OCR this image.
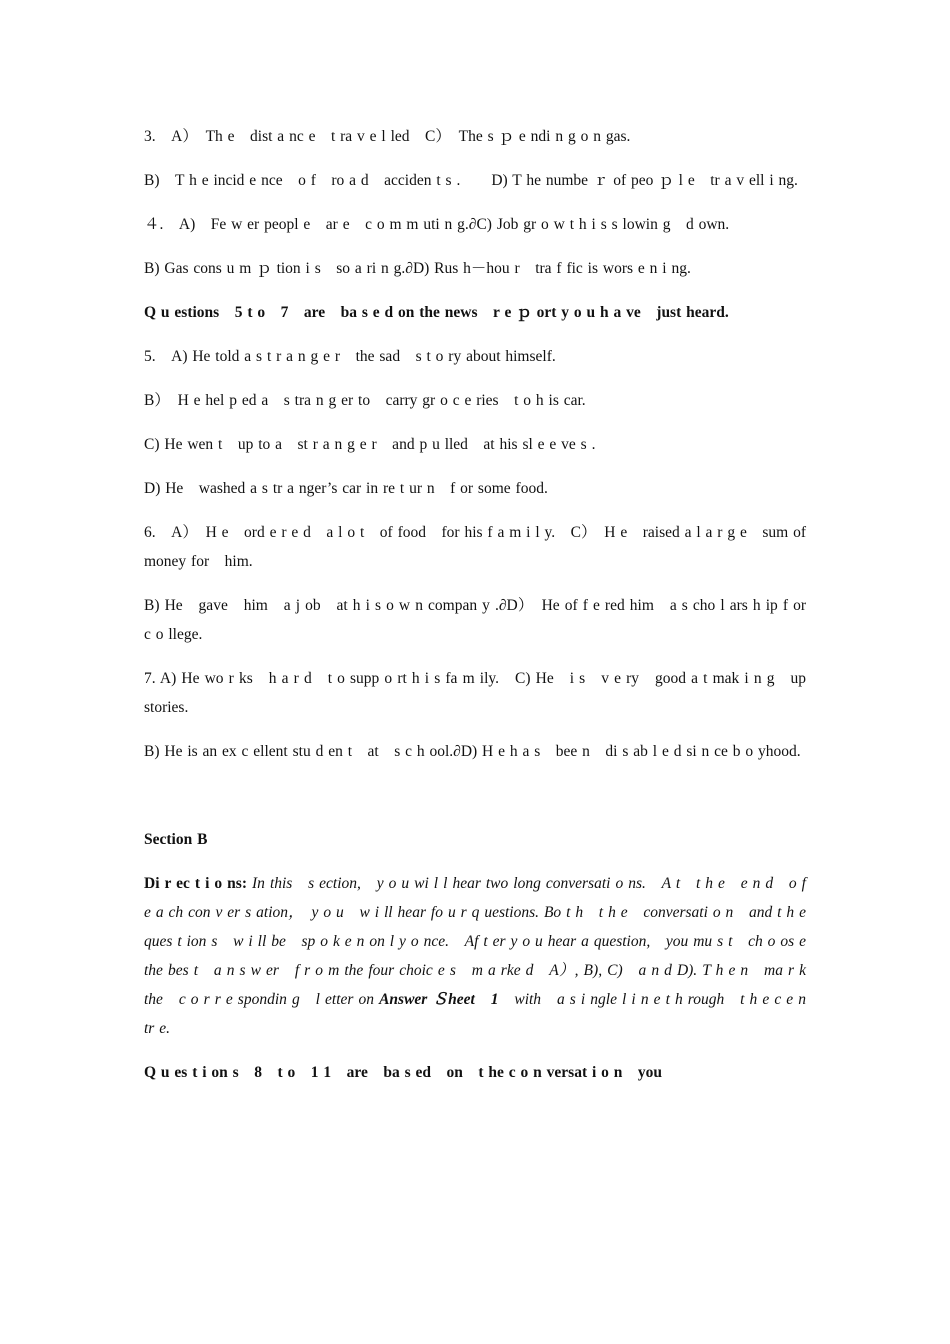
3.　A）　Th e　dist a nc e　t ra v e l led　C）　The s ｐ e ndi n g o n gas.

B)　T h e incid e nce　o f　ro a d　acciden t s .　　D) T he numbe ｒ of peo ｐ l e　tr a v ell i ng.

４.　A)　Fe w er peopl e　ar e　c o m m uti n g.∂C) Job gr o w t h i s s lowin g　d own.

B) Gas cons u m ｐ tion i s　so a ri n g.∂D) Rus h－hou r　tra f fic is wors e n i ng.

Q u estions　5 t o　7　are　ba s e d on the news　r e ｐ ort y o u h a ve　just heard.

5.　A) He told a s t r a n g e r　the sad　s t o ry about himself.

B）　H e hel p ed a　s tra n g er to　carry gr o c e ries　t o h is car.

C) He wen t　up to a　st r a n g e r　and p u lled　at his sl e e ve s .

D) He　washed a s tr a nger’s car in re t ur n　f or some food.

6.　A）　H e　ord e r e d　a l o t　of food　for his f a m i l y.　C）　H e　raised a l a r g e　sum of money for　him.

B) He　gave　him　a j ob　at h i s o w n compan y .∂D）　He of f e red him　a s cho l ars h ip f or c o llege.

7. A) He wo r ks　h a r d　t o supp o rt h i s fa m ily.　C) He　i s　v e ry　good a t mak i n g　up stories.

B) He is an ex c ellent stu d en t　at　s c h ool.∂D) H e h a s　bee n　di s ab l e d si n ce b o yhood.

Section B

Di r ec t i o ns: In this　s ection,　y o u wi l l hear two long conversati o ns.　A t　t h e　e n d　o f　e a ch con v er s ation，　y o u　w i ll hear fo u r q uestions. Bo t h　t h e　conversati o n　and t h e ques t ion s　w i ll be　sp o k e n on l y o nce.　Af t er y o u hear a question,　you mu s t　ch o os e　the bes t　a n s w er　f r o m the four choic e s　m a rke d　A）, B), C)　a n d D). T h e n　ma r k　the　c o r r e spondin g　l etter on Answer Ｓheet　1　with　a s i ngle l i n e t h rough　t h e c e n tr e.

Q u es t i on s　8　t o　1 1　are　ba s ed　on　t he c o n versat i o n　you
